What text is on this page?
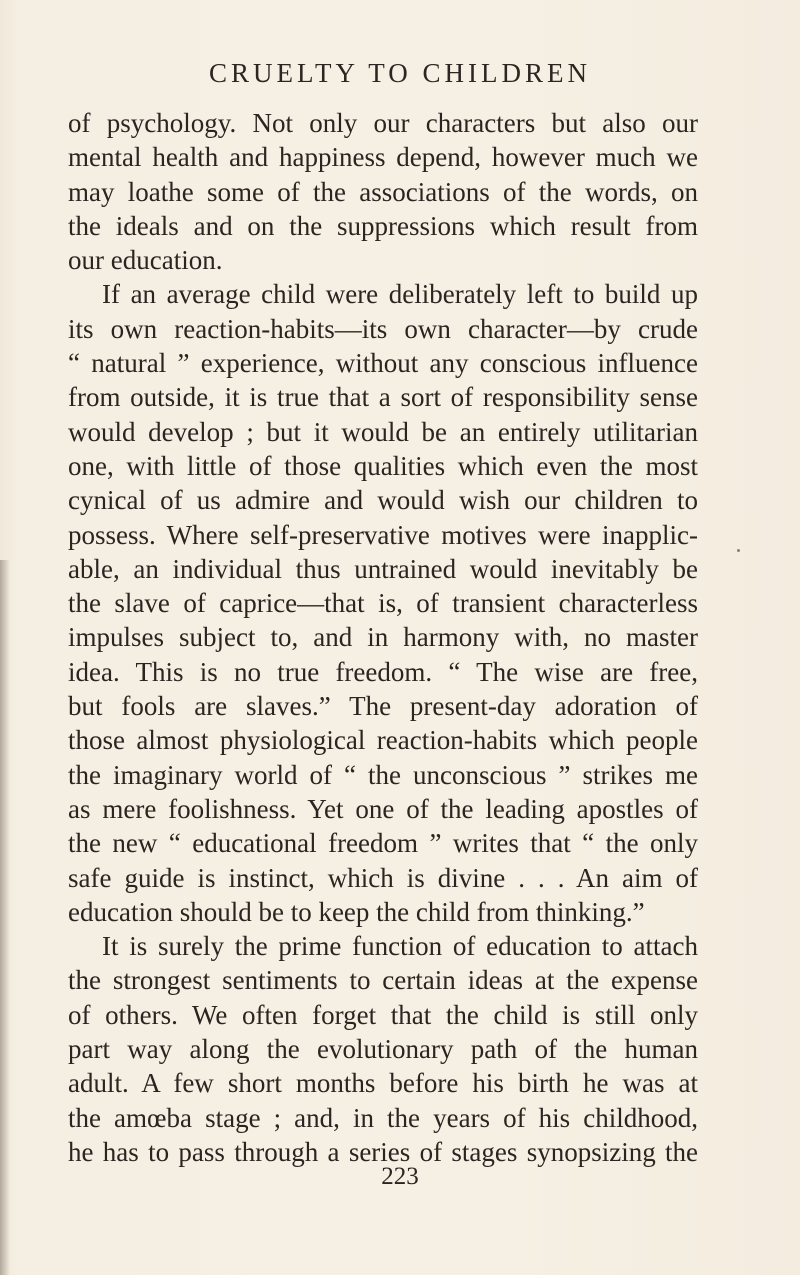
CRUELTY TO CHILDREN
of psychology. Not only our characters but also our
mental health and happiness depend, however much we
may loathe some of the associations of the words, on
the ideals and on the suppressions which result from
our education.
If an average child were deliberately left to build up
its own reaction-habits—its own character—by crude
“ natural ” experience, without any conscious influence
from outside, it is true that a sort of responsibility sense
would develop ; but it would be an entirely utilitarian
one, with little of those qualities which even the most
cynical of us admire and would wish our children to
possess. Where self-preservative motives were inapplic-
able, an individual thus untrained would inevitably be
the slave of caprice—that is, of transient characterless
impulses subject to, and in harmony with, no master
idea. This is no true freedom. “ The wise are free,
but fools are slaves.” The present-day adoration of
those almost physiological reaction-habits which people
the imaginary world of “ the unconscious ” strikes me
as mere foolishness. Yet one of the leading apostles of
the new “ educational freedom ” writes that “ the only
safe guide is instinct, which is divine . . . An aim of
education should be to keep the child from thinking.”
It is surely the prime function of education to attach
the strongest sentiments to certain ideas at the expense
of others. We often forget that the child is still only
part way along the evolutionary path of the human
adult. A few short months before his birth he was at
the amœba stage ; and, in the years of his childhood,
he has to pass through a series of stages synopsizing the
223
